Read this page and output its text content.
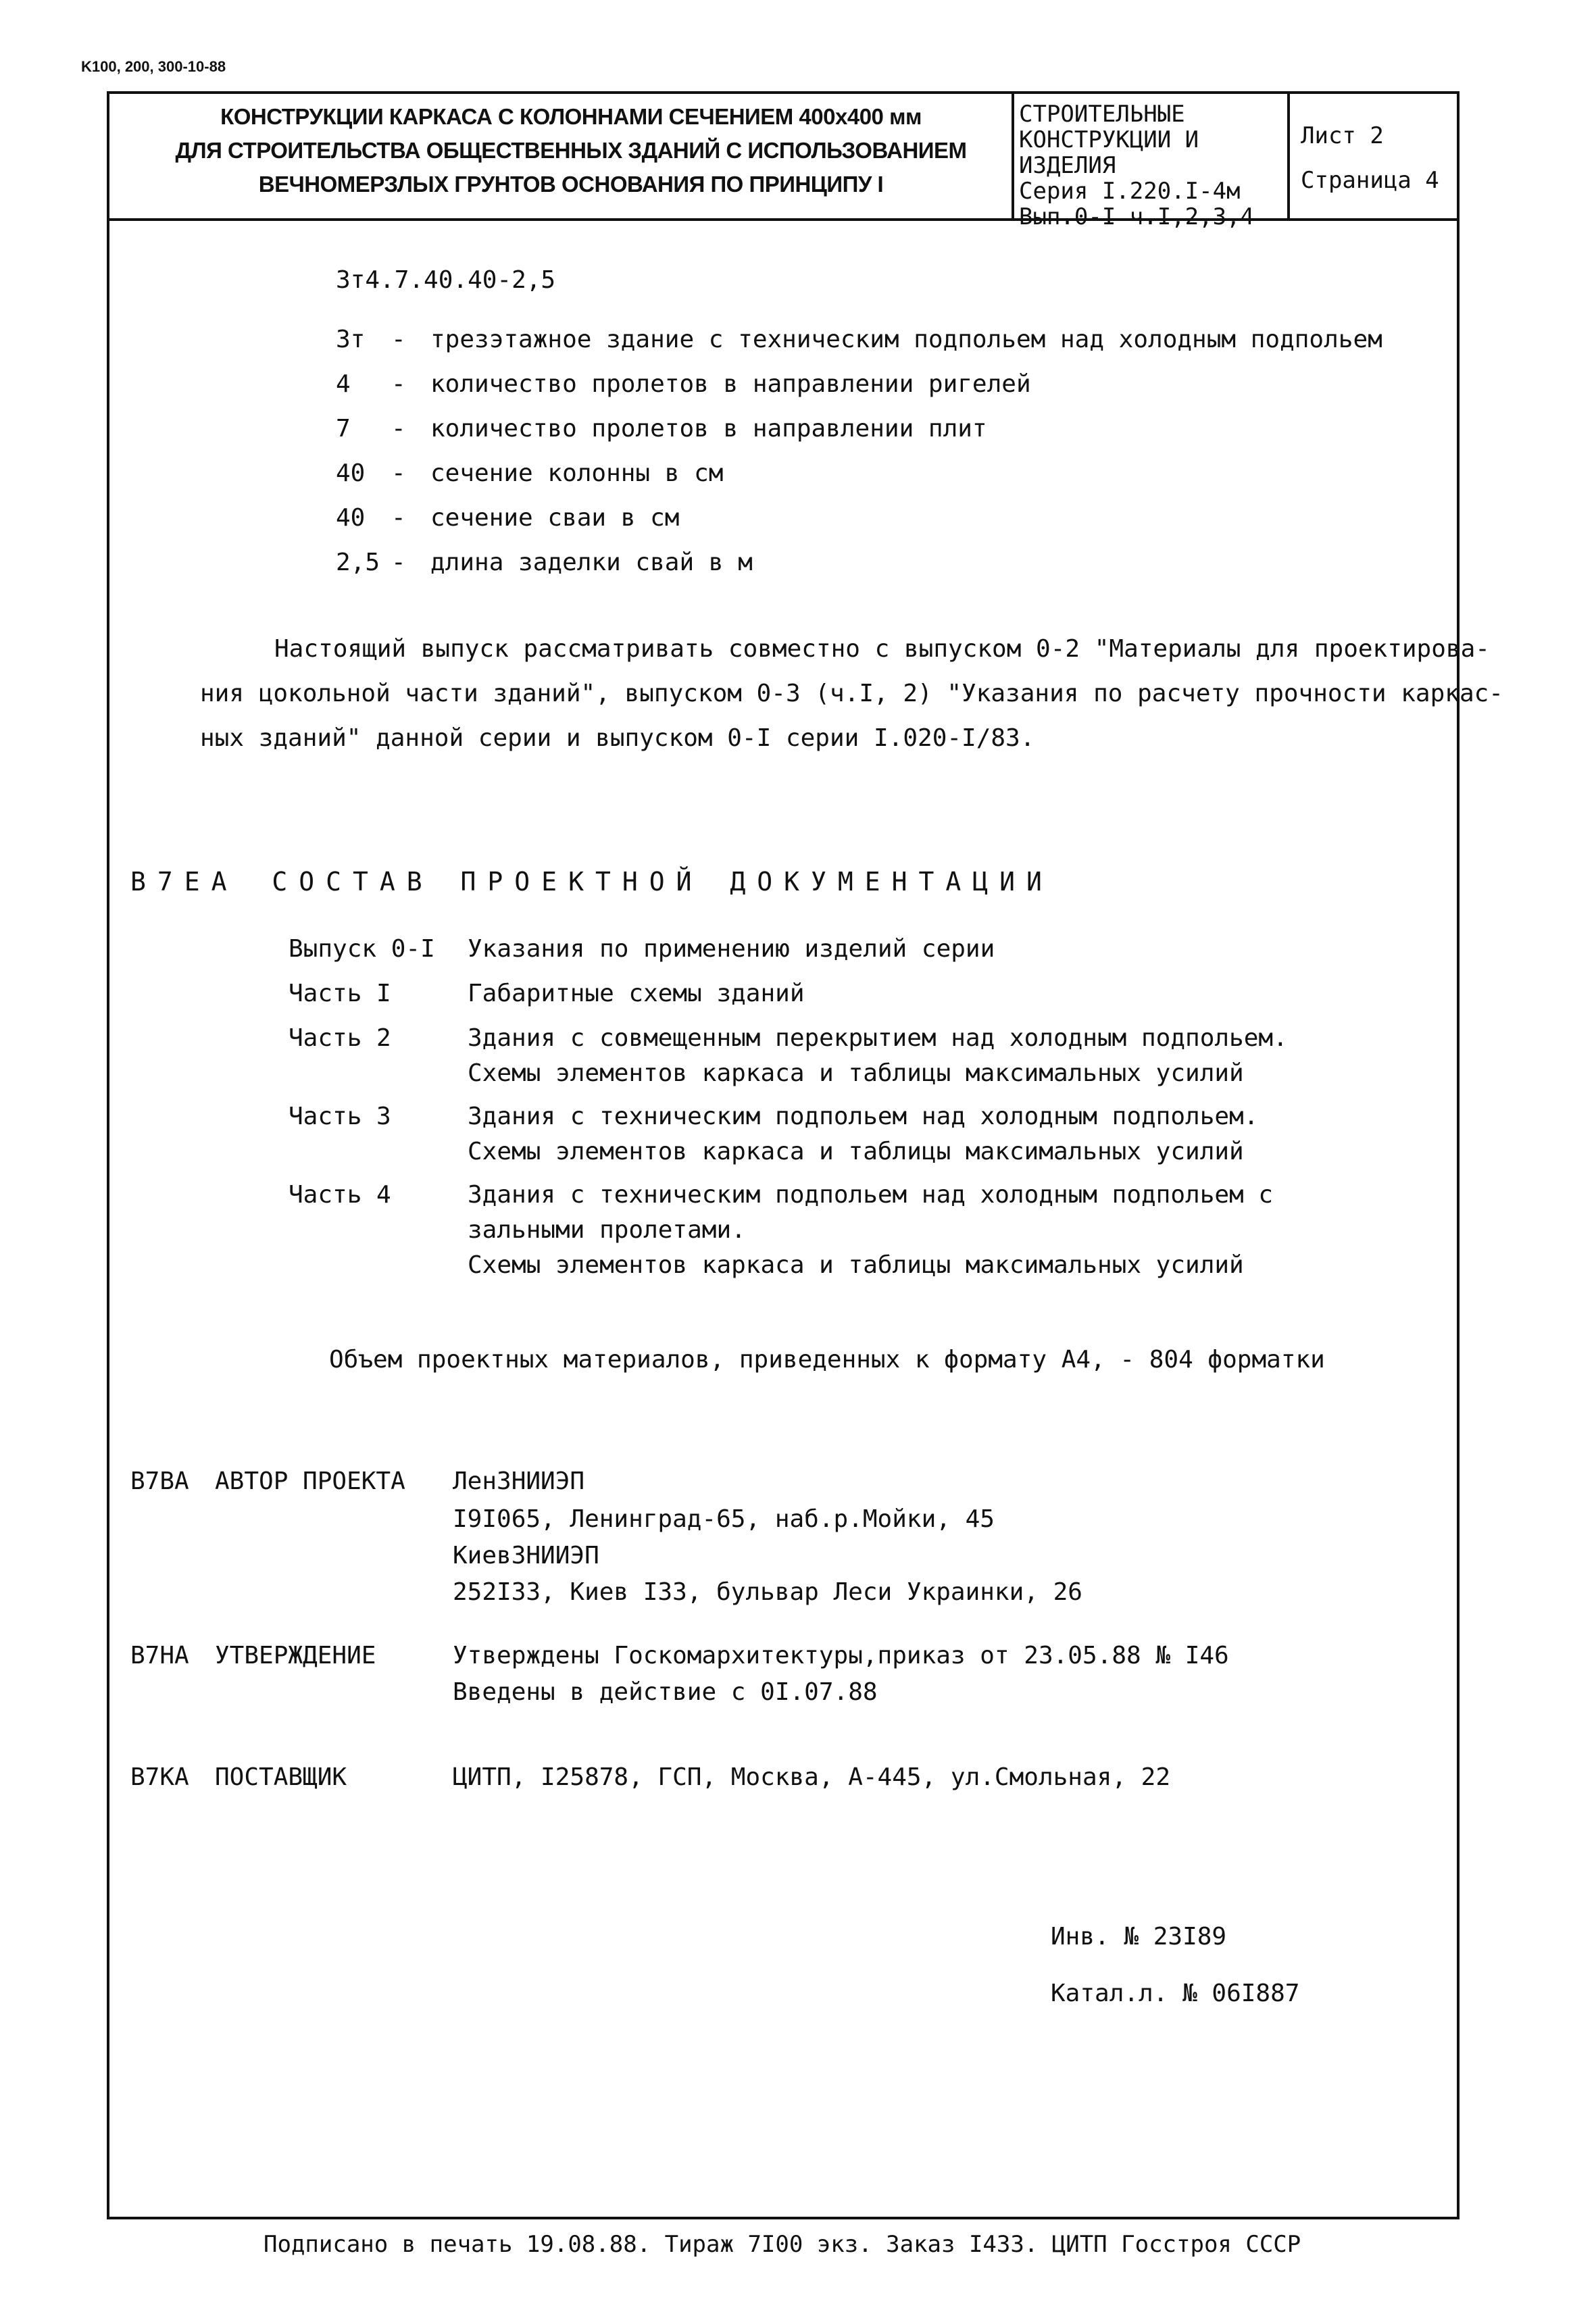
K100, 200, 300-10-88
КОНСТРУКЦИИ КАРКАСА С КОЛОННАМИ СЕЧЕНИЕМ 400x400 мм
ДЛЯ СТРОИТЕЛЬСТВА ОБЩЕСТВЕННЫХ ЗДАНИЙ С ИСПОЛЬЗОВАНИЕМ
ВЕЧНОМЕРЗЛЫХ ГРУНТОВ ОСНОВАНИЯ ПО ПРИНЦИПУ I
СТРОИТЕЛЬНЫЕ
КОНСТРУКЦИИ И
ИЗДЕЛИЯ
Серия I.220.I-4м
Вып.0-I ч.I,2,3,4
Лист 2
Страница 4
3т4.7.40.40-2,5
3т - трезэтажное здание с техническим подпольем над холодным подпольем
4 - количество пролетов в направлении ригелей
7 - количество пролетов в направлении плит
40 - сечение колонны в см
40 - сечение сваи в см
2,5 - длина заделки свай в м
Настоящий выпуск рассматривать совместно с выпуском 0-2 "Материалы для проектирова-
ния цокольной части зданий", выпуском 0-3 (ч.I, 2) "Указания по расчету прочности каркас-
ных зданий" данной серии и выпуском 0-I серии I.020-I/83.
В7ЕА СОСТАВ ПРОЕКТНОЙ ДОКУМЕНТАЦИИ
Выпуск 0-I Указания по применению изделий серии
Часть I	Габаритные схемы зданий
Часть 2	Здания с совмещенным перекрытием над холодным подпольем.
Схемы элементов каркаса и таблицы максимальных усилий
Часть 3	Здания с техническим подпольем над холодным подпольем.
Схемы элементов каркаса и таблицы максимальных усилий
Часть 4	Здания с техническим подпольем над холодным подпольем с
зальными пролетами.
Схемы элементов каркаса и таблицы максимальных усилий
Объем проектных материалов, приведенных к формату А4, - 804 форматки
В7ВА АВТОР ПРОЕКТА ЛенЗНИИЭП
I9I065, Ленинград-65, наб.р.Мойки, 45
КиевЗНИИЭП
252I33, Киев I33, бульвар Леси Украинки, 26
В7НА УТВЕРЖДЕНИЕ	Утверждены Госкомархитектуры,приказ от 23.05.88 № I46
Введены в действие с 0I.07.88
В7КА ПОСТАВЩИК	ЦИТП, I25878, ГСП, Москва, А-445, ул.Смольная, 22
Инв. № 23I89
Катал.л. № 06I887
Подписано в печать 19.08.88. Тираж 7I00 экз. Заказ I433. ЦИТП Госстроя СССР
